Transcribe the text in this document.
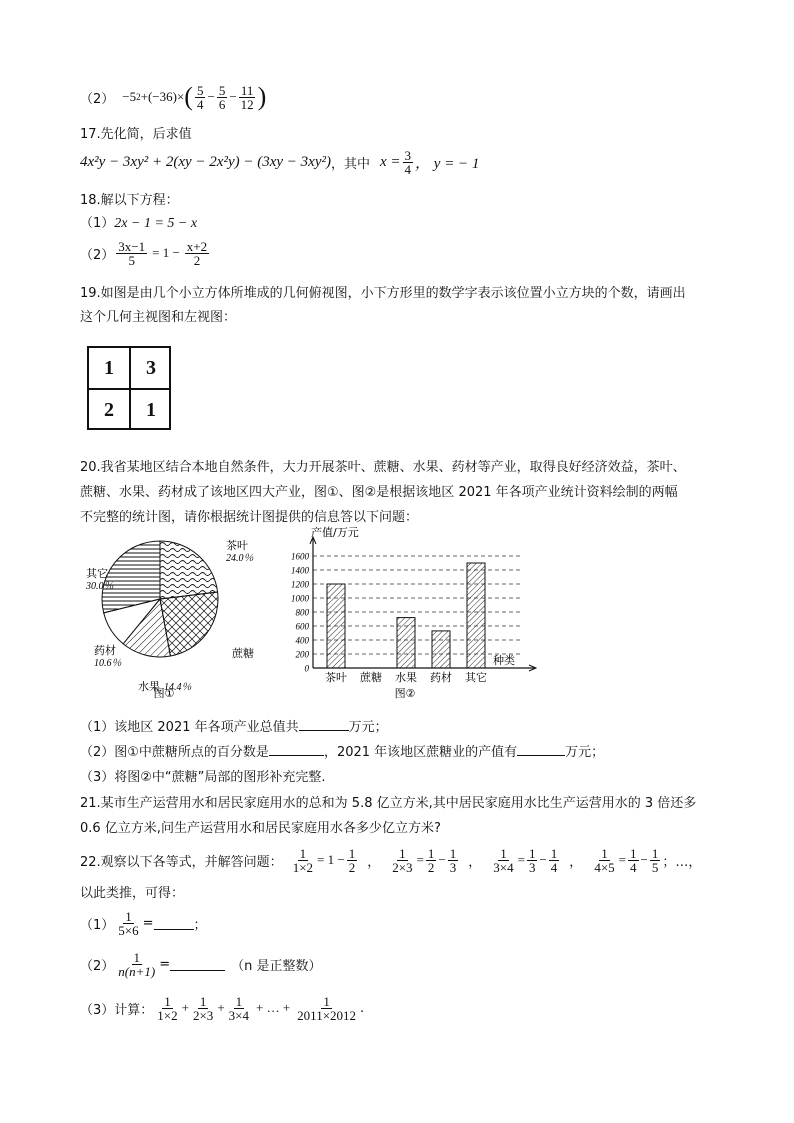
（2） −5 2 + (−36)× ( $\frac{5}{4} - \frac{5}{6} - \frac{11}{12}$ )
17.先化简，后求值
4x²y − 3xy² + 2(xy − 2x²y) − (3xy − 3xy²) ，其中 $x = \frac{3}{4}$ ， y = − 1
18.解以下方程：
（1）2x − 1 = 5 − x
$(2) \frac{3x-1}{5} = 1 - \frac{x+2}{2}$
19.如图是由几个小立方体所堆成的几何俯视图，小下方形里的数学字表示该位置小立方块的个数，请画出
这个几何主视图和左视图：
1	3
2	1
20.我省某地区结合本地自然条件，大力开展茶叶、蔗糖、水果、药材等产业，取得良好经济效益，茶叶、
蔗糖、水果、药材成了该地区四大产业，图①、图②是根据该地区 2021 年各项产业统计资料绘制的两幅
不完整的统计图，请你根据统计图提供的信息答以下问题：
茶叶
24.0％
蔗糖
水果 14.4％
药材
10.6％
其它
30.0％
图①
0
200
400
600
800
1000
1200
1400
1600
产值/万元
种类
茶叶 蔗糖 水果 药材 其它
图②
（1）该地区 2021 年各项产业总值共	万元；
（2）图①中蔗糖所点的百分数是	，2021 年该地区蔗糖业的产值有	万元；
（3）将图②中“蔗糖”局部的图形补充完整.
21.某市生产运营用水和居民家庭用水的总和为 5.8 亿立方米,其中居民家庭用水比生产运营用水的 3 倍还多
0.6 亿立方米,问生产运营用水和居民家庭用水各多少亿立方米?
22.观察以下各等式，并解答问题： $\frac{1}{1\times 2} = 1 - \frac{1}{2}$ ， $\frac{1}{2\times 3} = \frac{1}{2} - \frac{1}{3}$ ， $\frac{1}{3\times 4} = \frac{1}{3} - \frac{1}{4}$ ， $\frac{1}{4\times 5} = \frac{1}{4} - \frac{1}{5}$ ；…，
以此类推，可得：
$(1) \frac{1}{5\times 6}$ =	；
$(2) \frac{1}{n(n+1)}$ =	（n 是正整数）
（3）计算： $\frac{1}{1\times 2} + \frac{1}{2\times 3} + \frac{1}{3\times 4}$ + … + $\frac{1}{2011\times 2012}$ .
